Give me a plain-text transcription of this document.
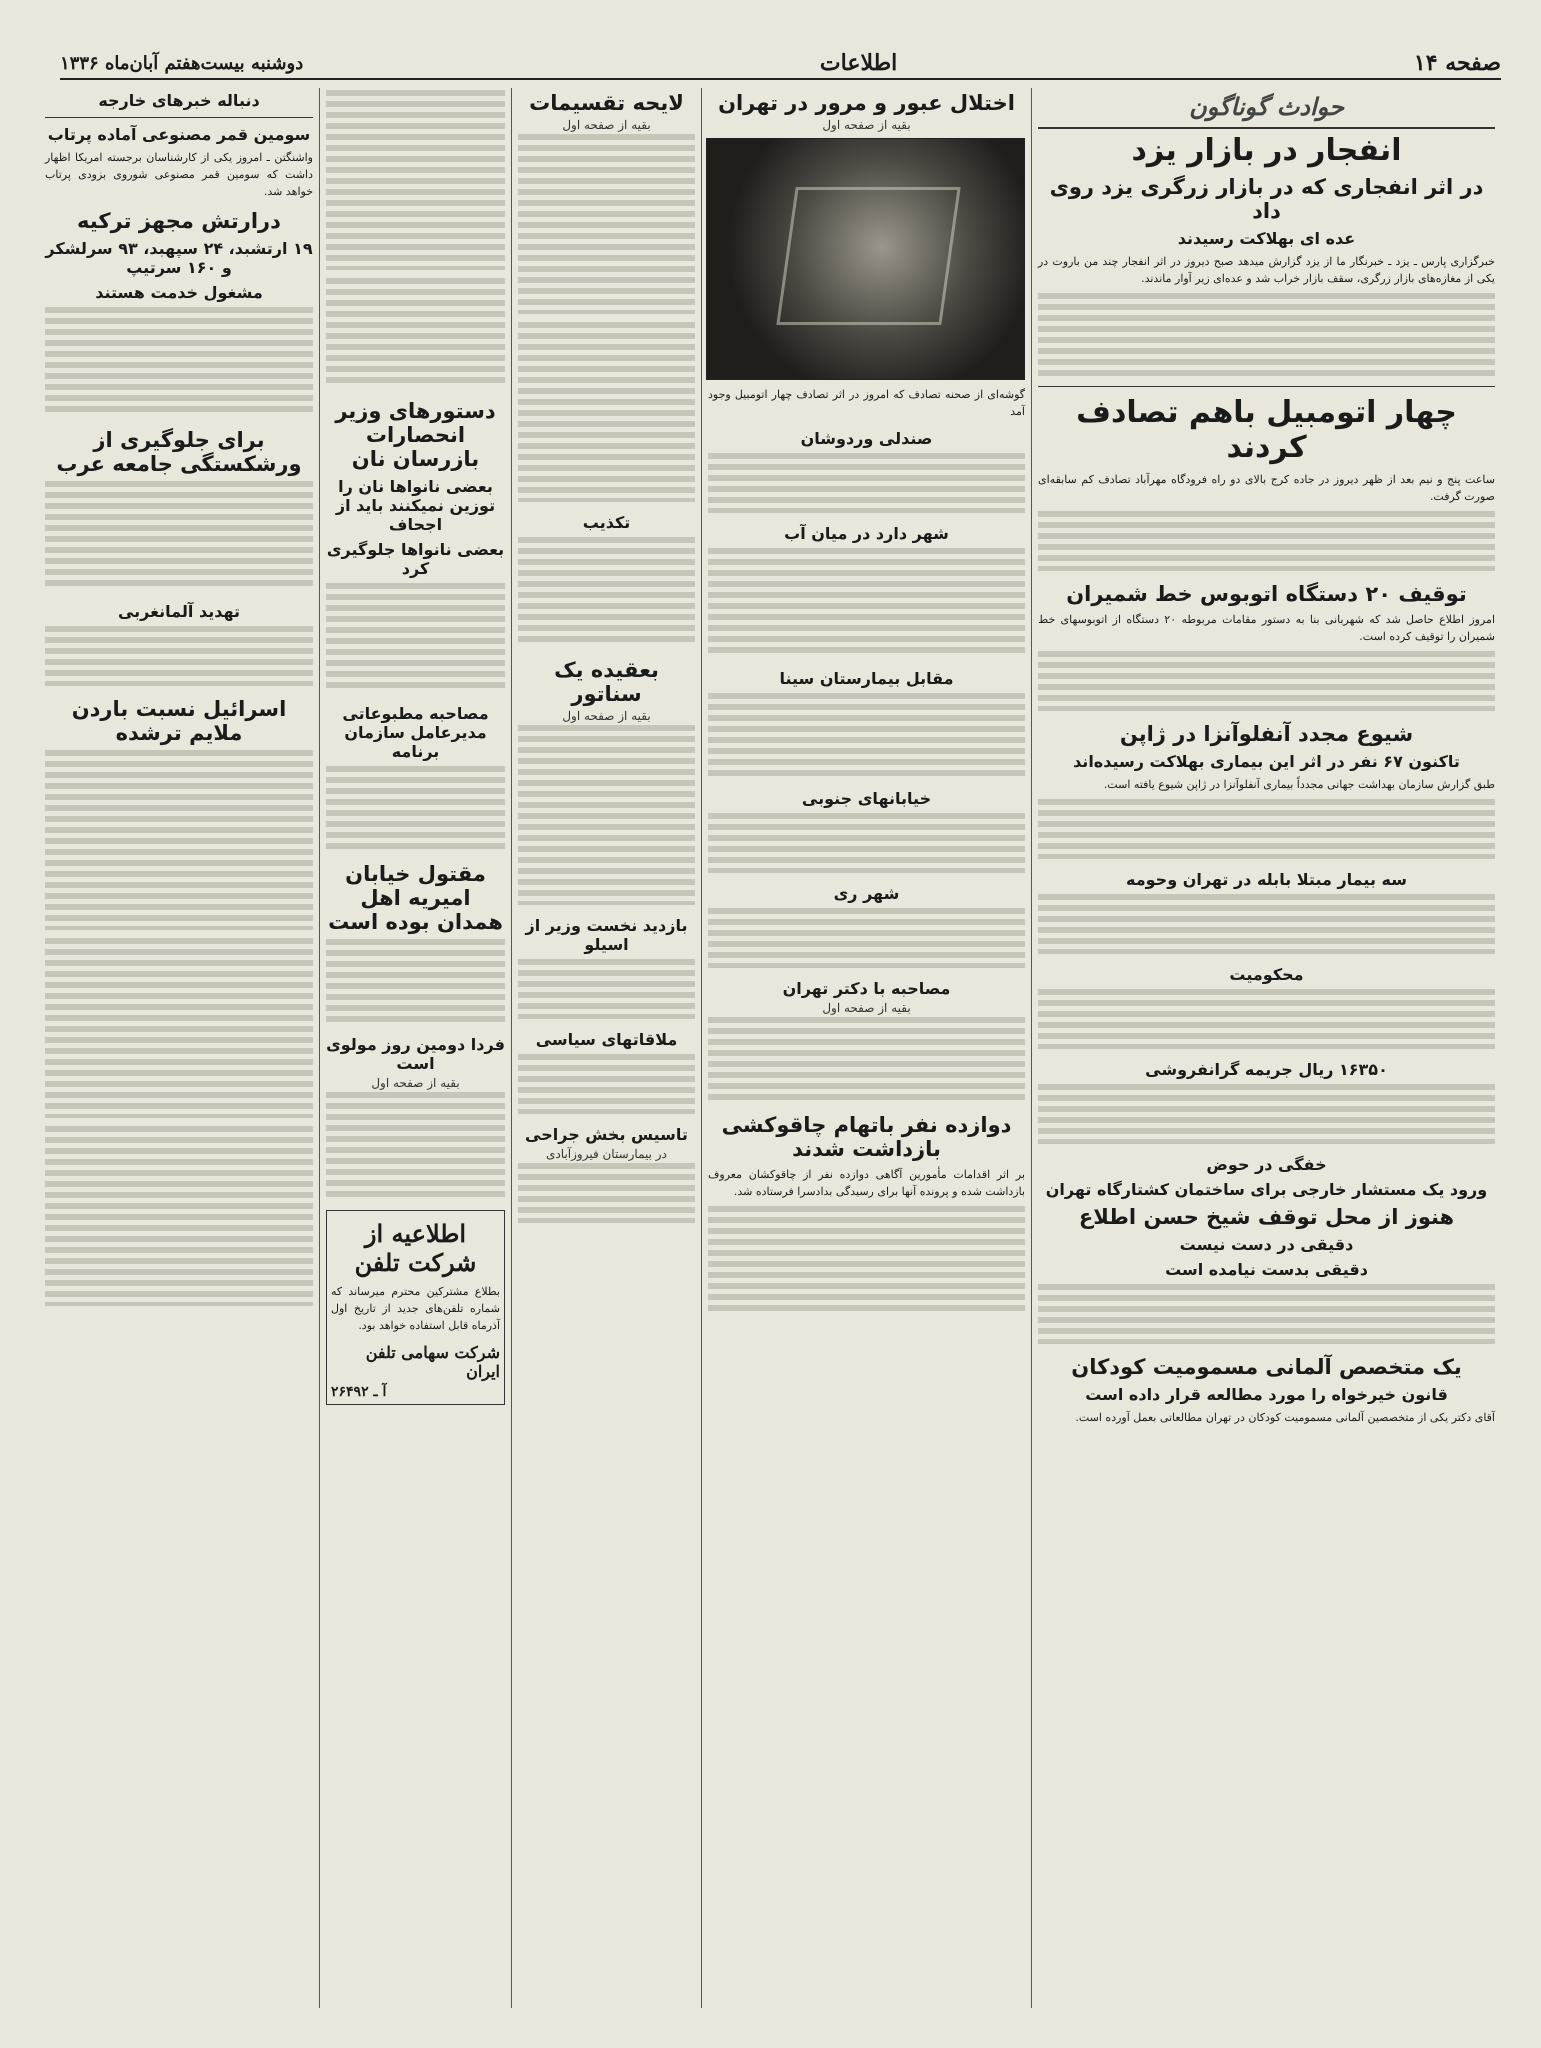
صفحه ۱۴
اطلاعات
دوشنبه بیست‌هفتم آبان‌ماه ۱۳۳۶
حوادث گوناگون
انفجار در بازار یزد
در اثر انفجاری که در بازار زرگری یزد روی داد
عده ای بهلاکت رسیدند

خبرگزاری پارس ـ یزد ـ خبرنگار ما از یزد گزارش میدهد صبح دیروز در اثر انفجار چند من باروت در یکی از مغازه‌های بازار زرگری، سقف بازار خراب شد و عده‌ای زیر آوار ماندند.

چهار اتومبیل باهم تصادف کردند

ساعت پنج و نیم بعد از ظهر دیروز در جاده کرج بالای دو راه فرودگاه مهرآباد تصادف کم سابقه‌ای صورت گرفت.

توقیف ۲۰ دستگاه اتوبوس خط شمیران

امروز اطلاع حاصل شد که شهربانی بنا به دستور مقامات مربوطه ۲۰ دستگاه از اتوبوسهای خط شمیران را توقیف کرده است.

شیوع مجدد آنفلوآنزا در ژاپن
تاکنون ۶۷ نفر در اثر این بیماری بهلاکت رسیده‌اند

طبق گزارش سازمان بهداشت جهانی مجدداً بیماری آنفلوآنزا در ژاپن شیوع یافته است.

سه بیمار مبتلا بابله در تهران وحومه
محکومیت
۱۶۳۵۰ ریال جریمه گرانفروشی
خفگی در حوض
ورود یک مستشار خارجی برای ساختمان کشتارگاه تهران
هنوز از محل توقف شیخ حسن اطلاع
دقیقی در دست نیست
دقیقی بدست نیامده است
یک متخصص آلمانی مسمومیت کودکان
قانون خیرخواه را مورد مطالعه قرار داده است

آقای دکتر یکی از متخصصین آلمانی مسمومیت کودکان در تهران مطالعاتی بعمل آورده است.

اختلال عبور و مرور در تهران
بقیه از صفحه اول

گوشه‌ای از صحنه تصادف که امروز در اثر تصادف چهار اتومبیل وجود آمد

صندلی وردوشان
شهر دارد در میان آب
مقابل بیمارستان سینا
خیابانهای جنوبی
شهر ری
مصاحبه با دکتر تهران
بقیه از صفحه اول
دوازده نفر باتهام چاقوکشی بازداشت شدند

بر اثر اقدامات مأمورین آگاهی دوازده نفر از چاقوکشان معروف بازداشت شده و پرونده آنها برای رسیدگی بدادسرا فرستاده شد.

لایحه تقسیمات
بقیه از صفحه اول
تکذیب
بعقیده یک سناتور
بقیه از صفحه اول
بازدید نخست وزیر از اسیلو
ملاقاتهای سیاسی
تاسیس بخش جراحی
در بیمارستان فیروزآبادی
دستورهای وزیر انحصارات بازرسان نان
بعضی نانواها نان را توزین نمیکنند باید از اجحاف
بعضی نانواها جلوگیری کرد
مصاحبه مطبوعاتی مدیرعامل سازمان برنامه
مقتول خیابان امیریه اهل همدان بوده است
فردا دومین روز مولوی است
بقیه از صفحه اول
اطلاعیه از شرکت تلفن

بطلاع مشترکین محترم میرساند که شماره تلفن‌های جدید از تاریخ اول آذرماه قابل استفاده خواهد بود.

شرکت سهامی تلفن ایران
آ ـ ۲۶۴۹۲
دنباله خبرهای خارجه
سومین قمر مصنوعی آماده پرتاب

واشنگتن ـ امروز یکی از کارشناسان برجسته امریکا اظهار داشت که سومین قمر مصنوعی شوروی بزودی پرتاب خواهد شد.

درارتش مجهز ترکیه
۱۹ ارتشبد، ۲۴ سپهبد، ۹۳ سرلشکر و ۱۶۰ سرتیپ
مشغول خدمت هستند
برای جلوگیری از ورشکستگی جامعه عرب
تهدید آلمانغربی
اسرائیل نسبت باردن ملایم ترشده
